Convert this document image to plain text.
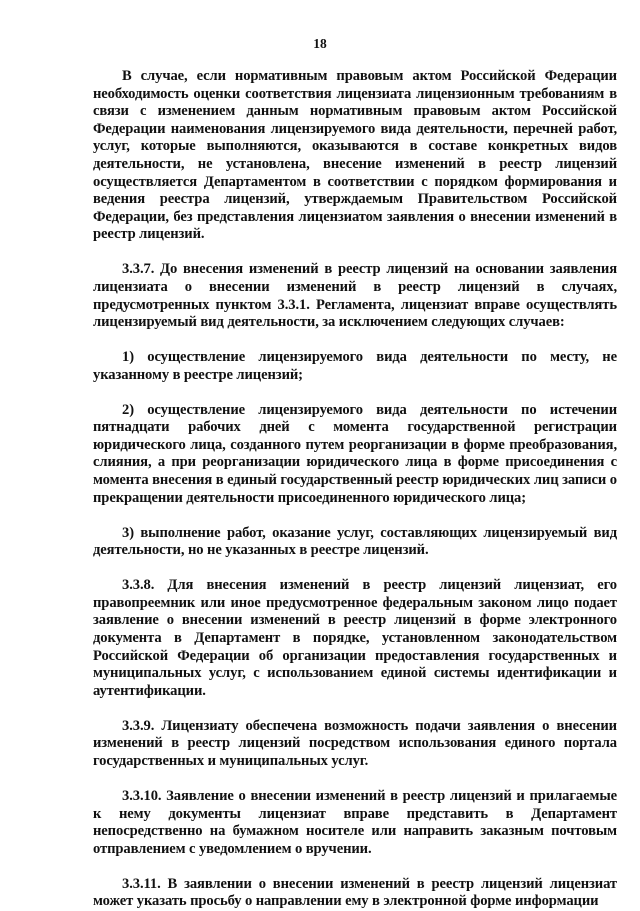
18

В случае, если нормативным правовым актом Российской Федерации необходимость оценки соответствия лицензиата лицензионным требованиям в связи с изменением данным нормативным правовым актом Российской Федерации наименования лицензируемого вида деятельности, перечней работ, услуг, которые выполняются, оказываются в составе конкретных видов деятельности, не установлена, внесение изменений в реестр лицензий осуществляется Департаментом в соответствии с порядком формирования и ведения реестра лицензий, утверждаемым Правительством Российской Федерации, без представления лицензиатом заявления о внесении изменений в реестр лицензий.

3.3.7. До внесения изменений в реестр лицензий на основании заявления лицензиата о внесении изменений в реестр лицензий в случаях, предусмотренных пунктом 3.3.1. Регламента, лицензиат вправе осуществлять лицензируемый вид деятельности, за исключением следующих случаев:

1) осуществление лицензируемого вида деятельности по месту, не указанному в реестре лицензий;

2) осуществление лицензируемого вида деятельности по истечении пятнадцати рабочих дней с момента государственной регистрации юридического лица, созданного путем реорганизации в форме преобразования, слияния, а при реорганизации юридического лица в форме присоединения с момента внесения в единый государственный реестр юридических лиц записи о прекращении деятельности присоединенного юридического лица;

3) выполнение работ, оказание услуг, составляющих лицензируемый вид деятельности, но не указанных в реестре лицензий.

3.3.8. Для внесения изменений в реестр лицензий лицензиат, его правопреемник или иное предусмотренное федеральным законом лицо подает заявление о внесении изменений в реестр лицензий в форме электронного документа в Департамент в порядке, установленном законодательством Российской Федерации об организации предоставления государственных и муниципальных услуг, с использованием единой системы идентификации и аутентификации.

3.3.9. Лицензиату обеспечена возможность подачи заявления о внесении изменений в реестр лицензий посредством использования единого портала государственных и муниципальных услуг.

3.3.10. Заявление о внесении изменений в реестр лицензий и прилагаемые к нему документы лицензиат вправе представить в Департамент непосредственно на бумажном носителе или направить заказным почтовым отправлением с уведомлением о вручении.

3.3.11. В заявлении о внесении изменений в реестр лицензий лицензиат может указать просьбу о направлении ему в электронной форме информации
